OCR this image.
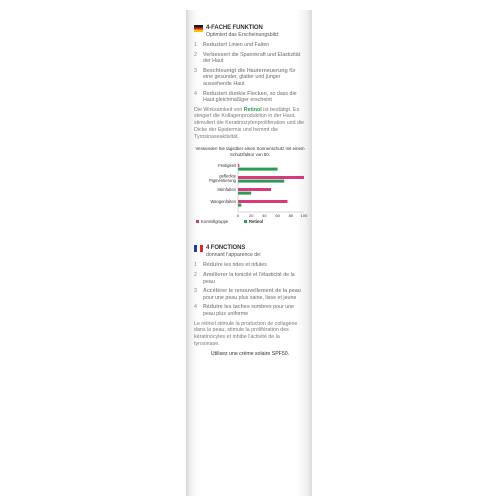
4-FACHE FUNKTION
Optimiert das Erscheinungsbild:
1	Reduziert Linien und Falten
2	Verbessert die Spannkraft und Elastizität der Haut
3	Beschleunigt die Hauterneuerung für eine gesünder, glatter und jünger aussehende Haut
4	Reduziert dunkle Flecken, so dass die Haut gleichmäßiger erscheint
Die Wirksamkeit von Retinol ist bestätigt. Es steigert die Kollagenproduktion in der Haut, stimuliert die Keratinozytenproliferation und die Dicke der Epidermis und hemmt die Tyrosinaseaktivität.
Verwenden Sie tagsüber einen Sonnenschutz mit einem Schutzfaktor von 50.
Festigkeit
gefleckte
Pigmentierung
Stirnfalten
Wangenfalten
0 20 40 60 80 100
Kontrollgruppe	Retinol
4 FONCTIONS
donnant l'apparence de:
1	Réduire les rides et ridules
2	Améliorer la tonicité et l'élasticité de la peau
3	Accélérer le renouvellement de la peau pour une peau plus saine, lisse et jeune
4	Réduire les taches sombres pour une peau plus uniforme
Le rétinol stimule la production de collagène dans la peau, stimule la prolifération des kératinocytes et inhibe l'activité de la tyrosinase.
Utilisez une crème solaire SPF50.
